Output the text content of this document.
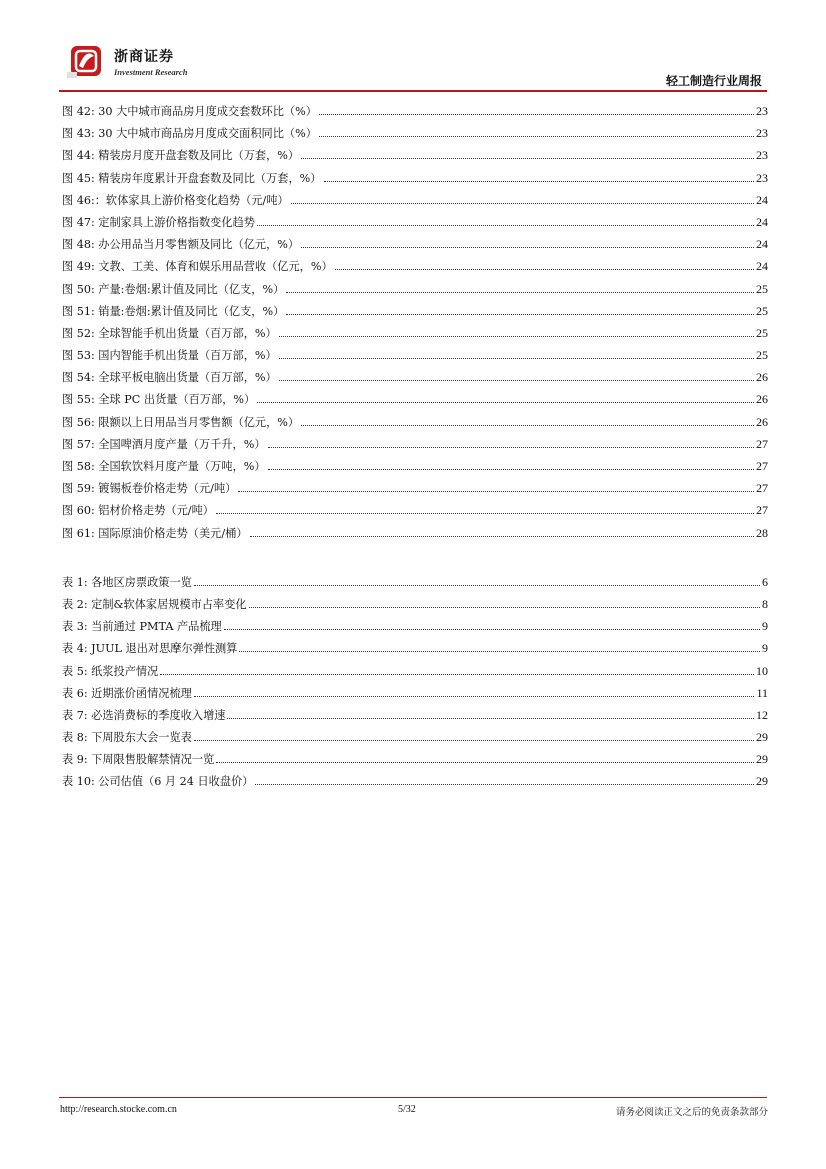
浙商证券
Investment Research
轻工制造行业周报
图 42: 30 大中城市商品房月度成交套数环比（%）	23
图 43: 30 大中城市商品房月度成交面积同比（%）	23
图 44: 精装房月度开盘套数及同比（万套，%）	23
图 45: 精装房年度累计开盘套数及同比（万套，%）	23
图 46:：软体家具上游价格变化趋势（元/吨）	24
图 47: 定制家具上游价格指数变化趋势	24
图 48: 办公用品当月零售额及同比（亿元，%）	24
图 49: 文教、工美、体育和娱乐用品营收（亿元，%）	24
图 50: 产量:卷烟:累计值及同比（亿支，%）	25
图 51: 销量:卷烟:累计值及同比（亿支，%）	25
图 52: 全球智能手机出货量（百万部，%）	25
图 53: 国内智能手机出货量（百万部，%）	25
图 54: 全球平板电脑出货量（百万部，%）	26
图 55: 全球 PC 出货量（百万部，%）	26
图 56: 限额以上日用品当月零售额（亿元，%）	26
图 57: 全国啤酒月度产量（万千升，%）	27
图 58: 全国软饮料月度产量（万吨，%）	27
图 59: 镀锡板卷价格走势（元/吨）	27
图 60: 铝材价格走势（元/吨）	27
图 61: 国际原油价格走势（美元/桶）	28
表 1: 各地区房票政策一览	6
表 2: 定制&软体家居规模市占率变化	8
表 3: 当前通过 PMTA 产品梳理	9
表 4: JUUL 退出对思摩尔弹性测算	9
表 5: 纸浆投产情况	10
表 6: 近期涨价函情况梳理	11
表 7: 必选消费标的季度收入增速	12
表 8: 下周股东大会一览表	29
表 9: 下周限售股解禁情况一览	29
表 10: 公司估值（6 月 24 日收盘价）	29
http://research.stocke.com.cn	5/32	请务必阅读正文之后的免责条款部分
